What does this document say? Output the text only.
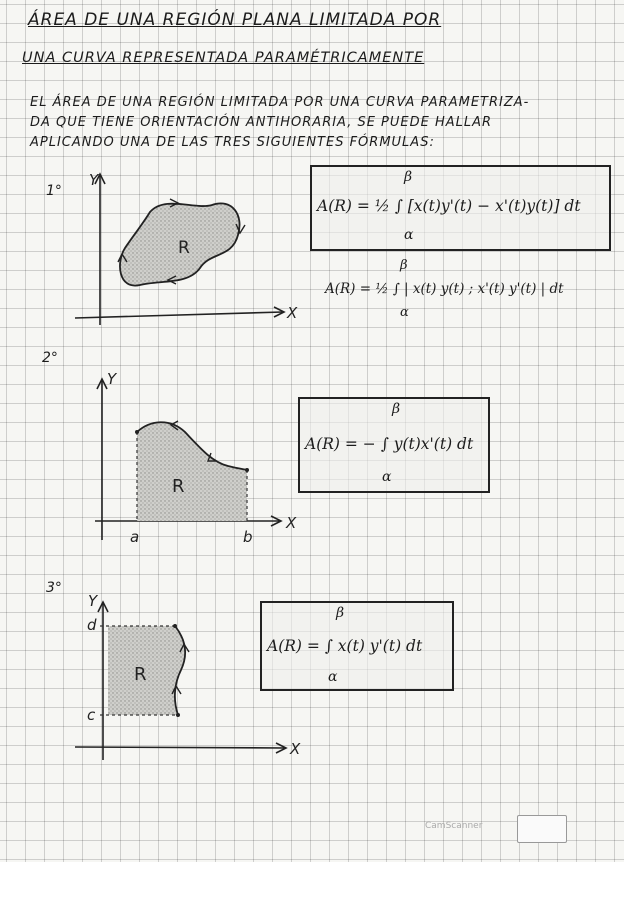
ÁREA DE UNA REGIÓN PLANA LIMITADA POR
UNA CURVA REPRESENTADA PARAMÉTRICAMENTE
EL ÁREA DE UNA REGIÓN LIMITADA POR UNA CURVA PARAMETRIZA-
DA QUE TIENE ORIENTACIÓN ANTIHORARIA, SE PUEDE HALLAR
APLICANDO UNA DE LAS TRES SIGUIENTES FÓRMULAS:
1°
2°
3°
Y
X
R
Y
X
R
a	b
Y
X
R
d
c
β
A(R) = ½ ∫ [x(t)y'(t) − x'(t)y(t)] dt
α
β
A(R) = ½ ∫ | x(t) y(t) ; x'(t) y'(t) | dt
α
β
A(R) = − ∫ y(t)x'(t) dt
α
β
A(R) = ∫ x(t) y'(t) dt
α
CamScanner
